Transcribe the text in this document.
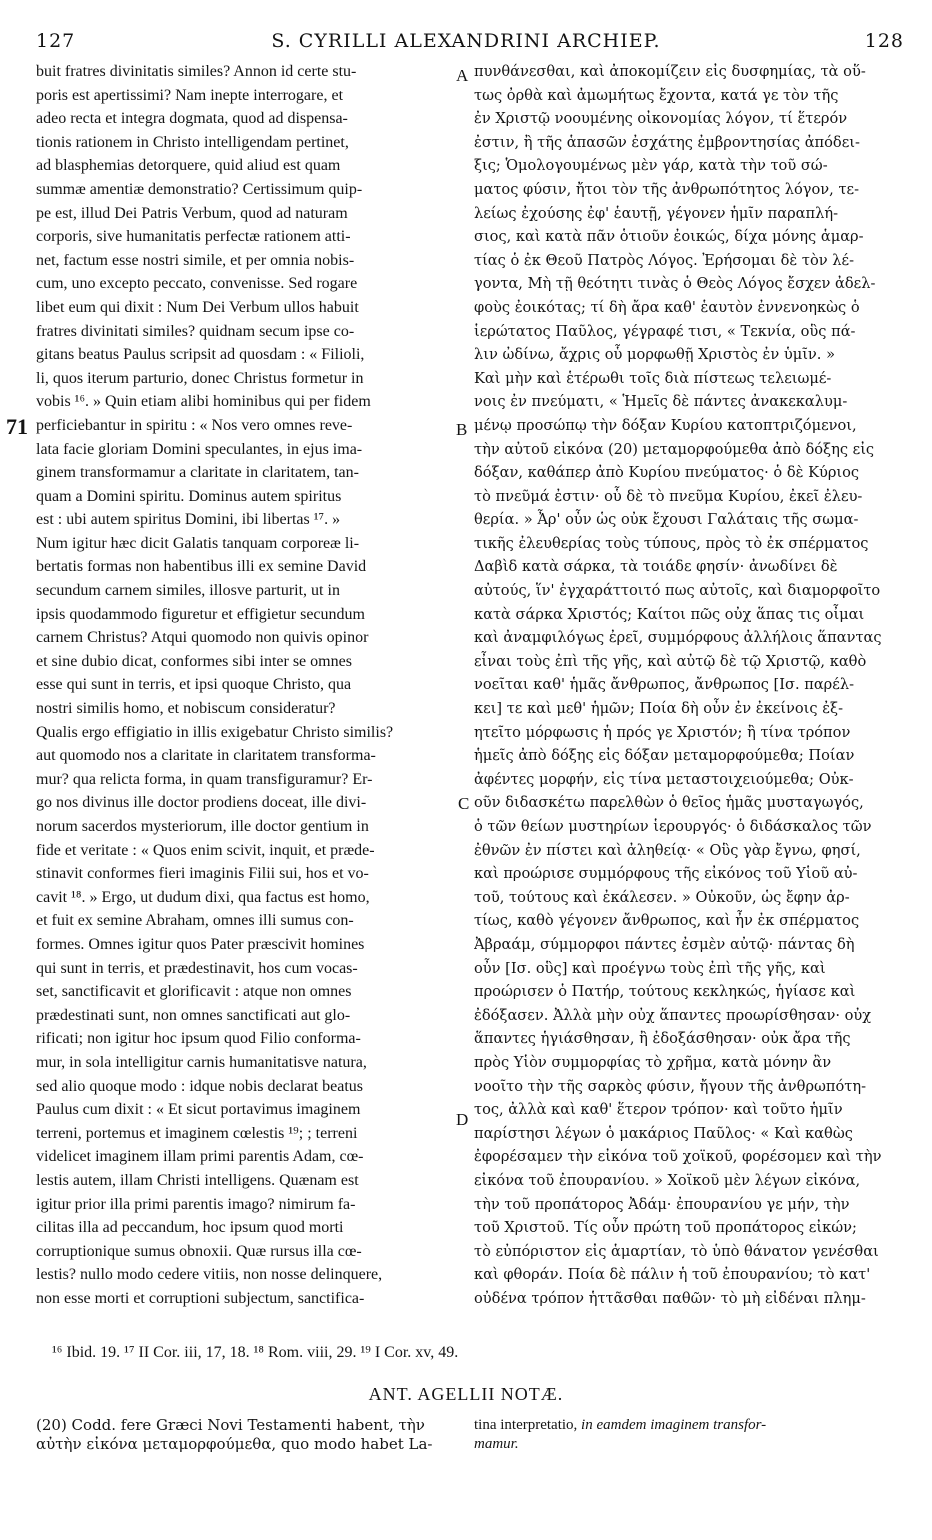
127	S. CYRILLI ALEXANDRINI ARCHIEP.	128
buit fratres divinitatis similes? Annon id certe stu-
poris est apertissimi? Nam inepte interrogare, et
adeo recta et integra dogmata, quod ad dispensa-
tionis rationem in Christo intelligendam pertinet,
ad blasphemias detorquere, quid aliud est quam
summæ amentiæ demonstratio? Certissimum quip-
pe est, illud Dei Patris Verbum, quod ad naturam
corporis, sive humanitatis perfectæ rationem atti-
net, factum esse nostri simile, et per omnia nobis-
cum, uno excepto peccato, convenisse. Sed rogare
libet eum qui dixit : Num Dei Verbum ullos habuit
fratres divinitati similes? quidnam secum ipse co-
gitans beatus Paulus scripsit ad quosdam : « Filioli,
li, quos iterum parturio, donec Christus formetur in
vobis ¹⁶. » Quin etiam alibi hominibus qui per fidem
perficiebantur in spiritu : « Nos vero omnes reve-
lata facie gloriam Domini speculantes, in ejus ima-
ginem transformamur a claritate in claritatem, tan-
quam a Domini spiritu. Dominus autem spiritus
est : ubi autem spiritus Domini, ibi libertas ¹⁷. »
Num igitur hæc dicit Galatis tanquam corporeæ li-
bertatis formas non habentibus illi ex semine David
secundum carnem similes, illosve parturit, ut in
ipsis quodammodo figuretur et effigietur secundum
carnem Christus? Atqui quomodo non quivis opinor
et sine dubio dicat, conformes sibi inter se omnes
esse qui sunt in terris, et ipsi quoque Christo, qua
nostri similis homo, et nobiscum consideratur?
Qualis ergo effigiatio in illis exigebatur Christo similis?
aut quomodo nos a claritate in claritatem transforma-
mur? qua relicta forma, in quam transfiguramur? Er-
go nos divinus ille doctor prodiens doceat, ille divi-
norum sacerdos mysteriorum, ille doctor gentium in
fide et veritate : « Quos enim scivit, inquit, et præde-
stinavit conformes fieri imaginis Filii sui, hos et vo-
cavit ¹⁸. » Ergo, ut dudum dixi, qua factus est homo,
et fuit ex semine Abraham, omnes illi sumus con-
formes. Omnes igitur quos Pater præscivit homines
qui sunt in terris, et prædestinavit, hos cum vocas-
set, sanctificavit et glorificavit : atque non omnes
prædestinati sunt, non omnes sanctificati aut glo-
rificati; non igitur hoc ipsum quod Filio conforma-
mur, in sola intelligitur carnis humanitatisve natura,
sed alio quoque modo : idque nobis declarat beatus
Paulus cum dixit : « Et sicut portavimus imaginem
terreni, portemus et imaginem cœlestis ¹⁹; ; terreni
videlicet imaginem illam primi parentis Adam, cœ-
lestis autem, illam Christi intelligens. Quænam est
igitur prior illa primi parentis imago? nimirum fa-
cilitas illa ad peccandum, hoc ipsum quod morti
corruptionique sumus obnoxii. Quæ rursus illa cœ-
lestis? nullo modo cedere vitiis, non nosse delinquere,
non esse morti et corruptioni subjectum, sanctifica-
πυνθάνεσθαι, καὶ ἀποκομίζειν εἰς δυσφημίας, τὰ οὕ-
τως ὀρθὰ καὶ ἀμωμήτως ἔχοντα, κατά γε τὸν τῆς
ἐν Χριστῷ νοουμένης οἰκονομίας λόγον, τί ἕτερόν
ἐστιν, ἢ τῆς ἁπασῶν ἐσχάτης ἐμβροντησίας ἀπόδει-
ξις; Ὁμολογουμένως μὲν γάρ, κατὰ τὴν τοῦ σώ-
ματος φύσιν, ἤτοι τὸν τῆς ἀνθρωπότητος λόγον, τε-
λείως ἐχούσης ἐφ' ἑαυτῇ, γέγονεν ἡμῖν παραπλή-
σιος, καὶ κατὰ πᾶν ὁτιοῦν ἐοικώς, δίχα μόνης ἁμαρ-
τίας ὁ ἐκ Θεοῦ Πατρὸς Λόγος. Ἐρήσομαι δὲ τὸν λέ-
γοντα, Μὴ τῇ θεότητι τινὰς ὁ Θεὸς Λόγος ἔσχεν ἀδελ-
φοὺς ἐοικότας; τί δὴ ἄρα καθ' ἑαυτὸν ἐννενοηκὼς ὁ
ἱερώτατος Παῦλος, γέγραφέ τισι, « Τεκνία, οὓς πά-
λιν ὠδίνω, ἄχρις οὗ μορφωθῇ Χριστὸς ἐν ὑμῖν. »
Καὶ μὴν καὶ ἑτέρωθι τοῖς διὰ πίστεως τελειωμέ-
νοις ἐν πνεύματι, « Ἡμεῖς δὲ πάντες ἀνακεκαλυμ-
μένῳ προσώπῳ τὴν δόξαν Κυρίου κατοπτριζόμενοι,
τὴν αὐτοῦ εἰκόνα (20) μεταμορφούμεθα ἀπὸ δόξης εἰς
δόξαν, καθάπερ ἀπὸ Κυρίου πνεύματος· ὁ δὲ Κύριος
τὸ πνεῦμά ἐστιν· οὗ δὲ τὸ πνεῦμα Κυρίου, ἐκεῖ ἐλευ-
θερία. » Ἆρ' οὖν ὡς οὐκ ἔχουσι Γαλάταις τῆς σωμα-
τικῆς ἐλευθερίας τοὺς τύπους, πρὸς τὸ ἐκ σπέρματος
Δαβὶδ κατὰ σάρκα, τὰ τοιάδε φησίν· ἀνωδίνει δὲ
αὐτούς, ἵν' ἐγχαράττοιτό πως αὐτοῖς, καὶ διαμορφοῖτο
κατὰ σάρκα Χριστός; Καίτοι πῶς οὐχ ἅπας τις οἶμαι
καὶ ἀναμφιλόγως ἐρεῖ, συμμόρφους ἀλλήλοις ἅπαντας
εἶναι τοὺς ἐπὶ τῆς γῆς, καὶ αὐτῷ δὲ τῷ Χριστῷ, καθὸ
νοεῖται καθ' ἡμᾶς ἄνθρωπος, ἄνθρωπος [Ισ. παρέλ-
κει] τε καὶ μεθ' ἡμῶν; Ποία δὴ οὖν ἐν ἐκείνοις ἐξ-
ητεῖτο μόρφωσις ἡ πρός γε Χριστόν; ἢ τίνα τρόπον
ἡμεῖς ἀπὸ δόξης εἰς δόξαν μεταμορφούμεθα; Ποίαν
ἀφέντες μορφήν, εἰς τίνα μεταστοιχειούμεθα; Οὐκ-
οῦν διδασκέτω παρελθὼν ὁ θεῖος ἡμᾶς μυσταγωγός,
ὁ τῶν θείων μυστηρίων ἱερουργός· ὁ διδάσκαλος τῶν
ἐθνῶν ἐν πίστει καὶ ἀληθείᾳ· « Οὓς γὰρ ἔγνω, φησί,
καὶ προώρισε συμμόρφους τῆς εἰκόνος τοῦ Υἱοῦ αὐ-
τοῦ, τούτους καὶ ἐκάλεσεν. » Οὐκοῦν, ὡς ἔφην ἀρ-
τίως, καθὸ γέγονεν ἄνθρωπος, καὶ ἦν ἐκ σπέρματος
Ἀβραάμ, σύμμορφοι πάντες ἐσμὲν αὐτῷ· πάντας δὴ
οὖν [Ισ. οὓς] καὶ προέγνω τοὺς ἐπὶ τῆς γῆς, καὶ
προώρισεν ὁ Πατήρ, τούτους κεκληκώς, ἡγίασε καὶ
ἐδόξασεν. Ἀλλὰ μὴν οὐχ ἅπαντες προωρίσθησαν· οὐχ
ἅπαντες ἡγιάσθησαν, ἢ ἐδοξάσθησαν· οὐκ ἄρα τῆς
πρὸς Υἱὸν συμμορφίας τὸ χρῆμα, κατὰ μόνην ἂν
νοοῖτο τὴν τῆς σαρκὸς φύσιν, ἤγουν τῆς ἀνθρωπότη-
τος, ἀλλὰ καὶ καθ' ἕτερον τρόπον· καὶ τοῦτο ἡμῖν
παρίστησι λέγων ὁ μακάριος Παῦλος· « Καὶ καθὼς
ἐφορέσαμεν τὴν εἰκόνα τοῦ χοϊκοῦ, φορέσομεν καὶ τὴν
εἰκόνα τοῦ ἐπουρανίου. » Χοϊκοῦ μὲν λέγων εἰκόνα,
τὴν τοῦ προπάτορος Ἀδάμ· ἐπουρανίου γε μήν, τὴν
τοῦ Χριστοῦ. Τίς οὖν πρώτη τοῦ προπάτορος εἰκών;
τὸ εὐπόριστον εἰς ἁμαρτίαν, τὸ ὑπὸ θάνατον γενέσθαι
καὶ φθοράν. Ποία δὲ πάλιν ἡ τοῦ ἐπουρανίου; τὸ κατ'
οὐδένα τρόπον ἡττᾶσθαι παθῶν· τὸ μὴ εἰδέναι πλημ-
A
B
C
D
71
¹⁶ Ibid. 19. ¹⁷ II Cor. iii, 17, 18. ¹⁸ Rom. viii, 29. ¹⁹ I Cor. xv, 49.
ANT. AGELLII NOTÆ.
(20) Codd. fere Græci Novi Testamenti habent, τὴν
αὐτὴν εἰκόνα μεταμορφούμεθα, quo modo habet La-
tina interpretatio, in eamdem imaginem transfor-
mamur.
